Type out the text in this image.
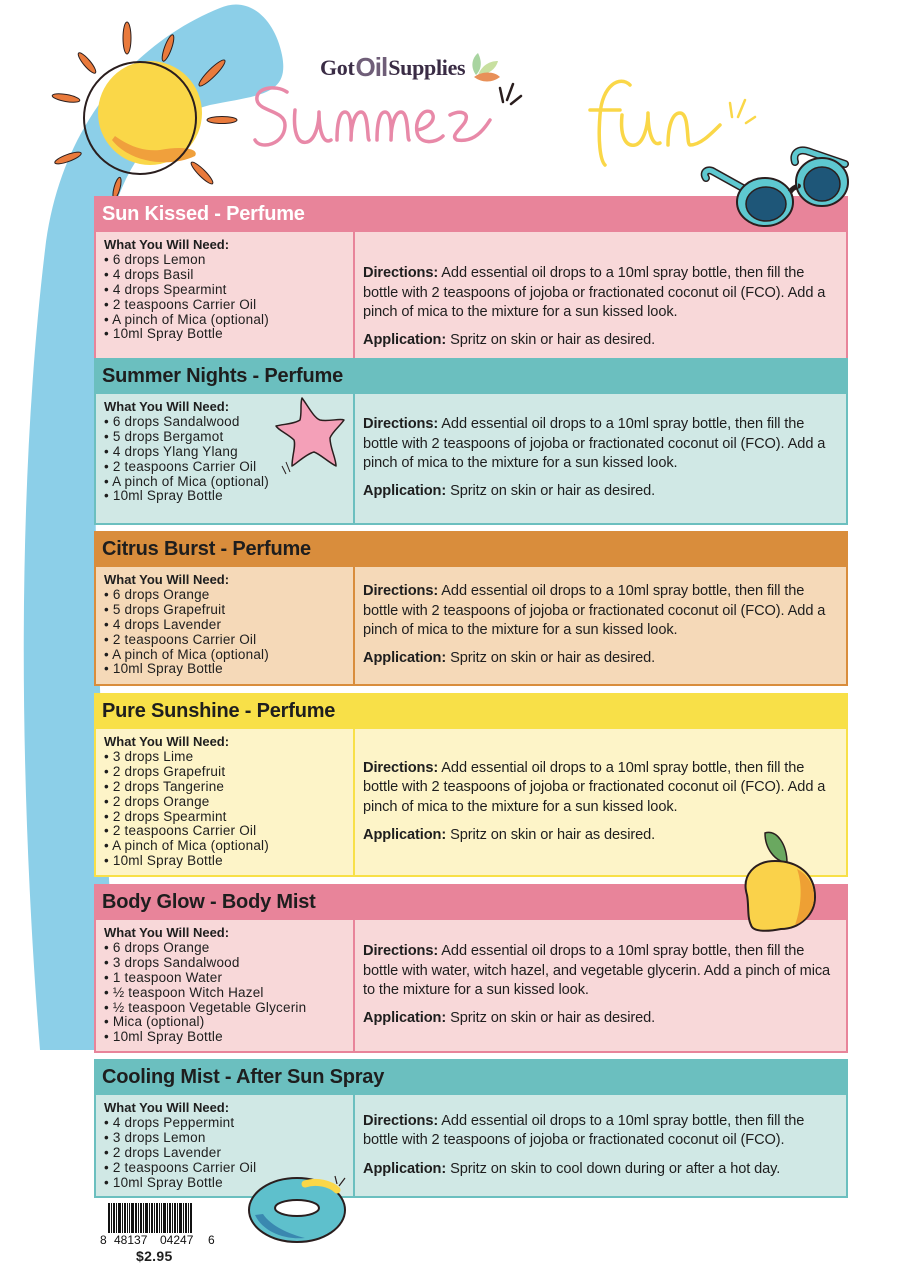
Got Oil Supplies
Sun Kissed - Perfume
What You Will Need:
• 6 drops Lemon
• 4 drops Basil
• 4 drops Spearmint
• 2 teaspoons Carrier Oil
• A pinch of Mica (optional)
• 10ml Spray Bottle

Directions: Add essential oil drops to a 10ml spray bottle, then fill the bottle with 2 teaspoons of jojoba or fractionated coconut oil (FCO). Add a pinch of mica to the mixture for a sun kissed look.

Application: Spritz on skin or hair as desired.

Summer Nights - Perfume
What You Will Need:
• 6 drops Sandalwood
• 5 drops Bergamot
• 4 drops Ylang Ylang
• 2 teaspoons Carrier Oil
• A pinch of Mica (optional)
• 10ml Spray Bottle

Directions: Add essential oil drops to a 10ml spray bottle, then fill the bottle with 2 teaspoons of jojoba or fractionated coconut oil (FCO). Add a pinch of mica to the mixture for a sun kissed look.

Application: Spritz on skin or hair as desired.

Citrus Burst - Perfume
What You Will Need:
• 6 drops Orange
• 5 drops Grapefruit
• 4 drops Lavender
• 2 teaspoons Carrier Oil
• A pinch of Mica (optional)
• 10ml Spray Bottle

Directions: Add essential oil drops to a 10ml spray bottle, then fill the bottle with 2 teaspoons of jojoba or fractionated coconut oil (FCO). Add a pinch of mica to the mixture for a sun kissed look.

Application: Spritz on skin or hair as desired.

Pure Sunshine - Perfume
What You Will Need:
• 3 drops Lime
• 2 drops Grapefruit
• 2 drops Tangerine
• 2 drops Orange
• 2 drops Spearmint
• 2 teaspoons Carrier Oil
• A pinch of Mica (optional)
• 10ml Spray Bottle

Directions: Add essential oil drops to a 10ml spray bottle, then fill the bottle with 2 teaspoons of jojoba or fractionated coconut oil (FCO). Add a pinch of mica to the mixture for a sun kissed look.

Application: Spritz on skin or hair as desired.

Body Glow - Body Mist
What You Will Need:
• 6 drops Orange
• 3 drops Sandalwood
• 1 teaspoon Water
• ½ teaspoon Witch Hazel
• ½ teaspoon Vegetable Glycerin
• Mica (optional)
• 10ml Spray Bottle

Directions: Add essential oil drops to a 10ml spray bottle, then fill the bottle with water, witch hazel, and vegetable glycerin. Add a pinch of mica to the mixture for a sun kissed look.

Application: Spritz on skin or hair as desired.

Cooling Mist - After Sun Spray
What You Will Need:
• 4 drops Peppermint
• 3 drops Lemon
• 2 drops Lavender
• 2 teaspoons Carrier Oil
• 10ml Spray Bottle

Directions: Add essential oil drops to a 10ml spray bottle, then fill the bottle with 2 teaspoons of jojoba or fractionated coconut oil (FCO).

Application: Spritz on skin to cool down during or after a hot day.

8 48137	04247	6
$2.95
